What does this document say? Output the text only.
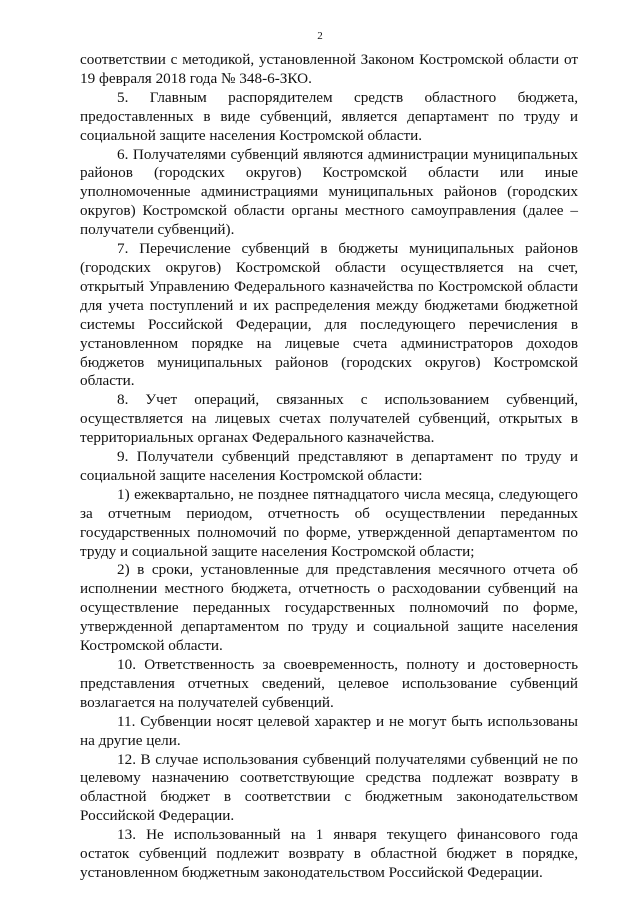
2

соответствии с методикой, установленной Законом Костромской области от 19 февраля 2018 года № 348-6-ЗКО.

5. Главным распорядителем средств областного бюджета, предоставленных в виде субвенций, является департамент по труду и социальной защите населения Костромской области.

6. Получателями субвенций являются администрации муниципальных районов (городских округов) Костромской области или иные уполномоченные администрациями муниципальных районов (городских округов) Костромской области органы местного самоуправления (далее – получатели субвенций).

7. Перечисление субвенций в бюджеты муниципальных районов (городских округов) Костромской области осуществляется на счет, открытый Управлению Федерального казначейства по Костромской области для учета поступлений и их распределения между бюджетами бюджетной системы Российской Федерации, для последующего перечисления в установленном порядке на лицевые счета администраторов доходов бюджетов муниципальных районов (городских округов) Костромской области.

8. Учет операций, связанных с использованием субвенций, осуществляется на лицевых счетах получателей субвенций, открытых в территориальных органах Федерального казначейства.

9. Получатели субвенций представляют в департамент по труду и социальной защите населения Костромской области:

1) ежеквартально, не позднее пятнадцатого числа месяца, следующего за отчетным периодом, отчетность об осуществлении переданных государственных полномочий по форме, утвержденной департаментом по труду и социальной защите населения Костромской области;

2) в сроки, установленные для представления месячного отчета об исполнении местного бюджета, отчетность о расходовании субвенций на осуществление переданных государственных полномочий по форме, утвержденной департаментом по труду и социальной защите населения Костромской области.

10. Ответственность за своевременность, полноту и достоверность представления отчетных сведений, целевое использование субвенций возлагается на получателей субвенций.

11. Субвенции носят целевой характер и не могут быть использованы на другие цели.

12. В случае использования субвенций получателями субвенций не по целевому назначению соответствующие средства подлежат возврату в областной бюджет в соответствии с бюджетным законодательством Российской Федерации.

13. Не использованный на 1 января текущего финансового года остаток субвенций подлежит возврату в областной бюджет в порядке, установленном бюджетным законодательством Российской Федерации.
